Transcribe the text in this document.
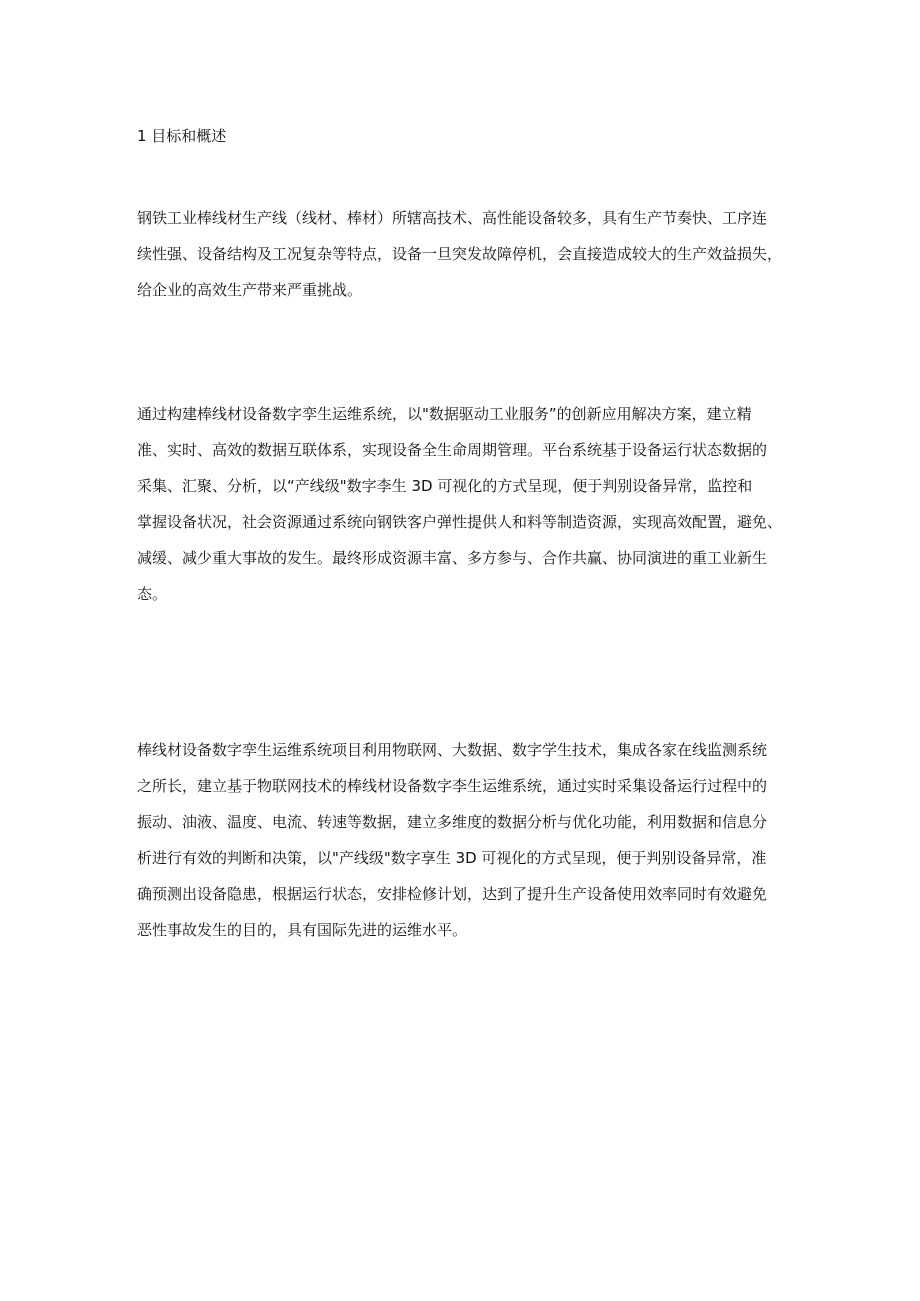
1 目标和概述

钢铁工业棒线材生产线（线材、棒材）所辖高技术、高性能设备较多，具有生产节奏快、工序连
续性强、设备结构及工况复杂等特点，设备一旦突发故障停机，会直接造成较大的生产效益损失，
给企业的高效生产带来严重挑战。

通过构建棒线材设备数字孪生运维系统，以"数据驱动工业服务”的创新应用解决方案，建立精
准、实时、高效的数据互联体系，实现设备全生命周期管理。平台系统基于设备运行状态数据的
采集、汇聚、分析，以“产线级"数字李生 3D 可视化的方式呈现，便于判别设备异常，监控和
掌握设备状况，社会资源通过系统向钢铁客户弹性提供人和料等制造资源，实现高效配置，避免、
减缓、减少重大事故的发生。最终形成资源丰富、多方参与、合作共赢、协同演进的重工业新生
态。

棒线材设备数字孪生运维系统项目利用物联网、大数据、数字学生技术，集成各家在线监测系统
之所长，建立基于物联网技术的棒线材设备数字李生运维系统，通过实时采集设备运行过程中的
振动、油液、温度、电流、转速等数据，建立多维度的数据分析与优化功能，利用数据和信息分
析进行有效的判断和决策，以"产线级"数字享生 3D 可视化的方式呈现，便于判别设备异常，准
确预测出设备隐患，根据运行状态，安排检修计划，达到了提升生产设备使用效率同时有效避免
恶性事故发生的目的，具有国际先进的运维水平。
